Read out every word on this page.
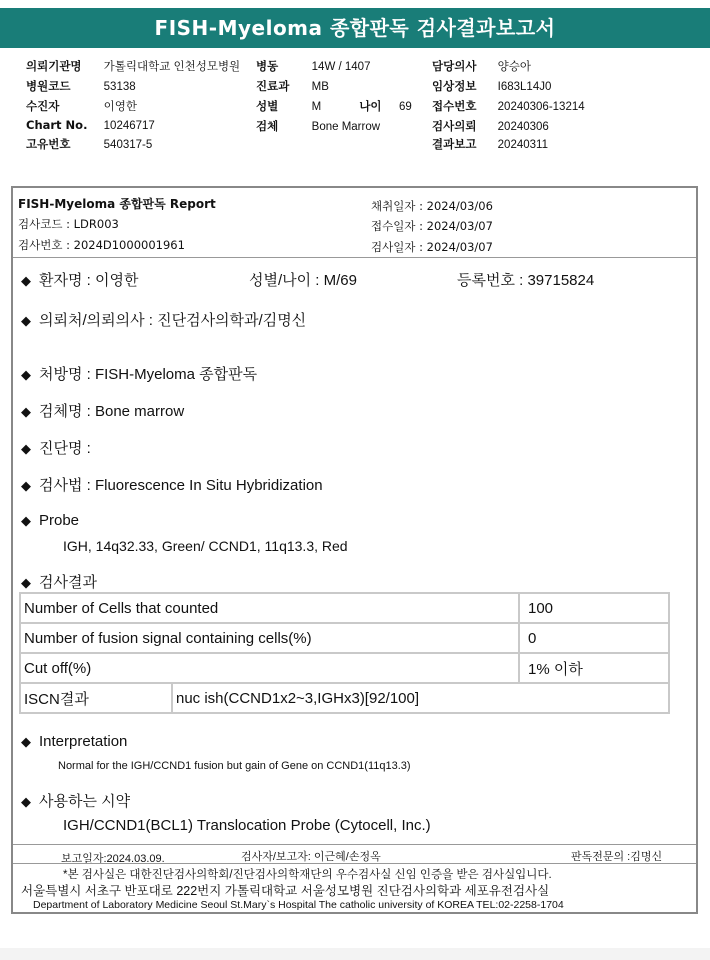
FISH-Myeloma 종합판독 검사결과보고서
의뢰기관명 가톨릭대학교 인천성모병원 병동	14W / 1407	담당의사 양승아
병원코드	53138	진료과 MB	임상정보 I683L14J0
수진자	이영한	성별	M	나이 69 접수번호 20240306-13214
Chart No. 10246717	검체	Bone Marrow	검사의뢰 20240306
고유번호	540317-5	결과보고 20240311
FISH-Myeloma 종합판독 Report
검사코드 : LDR003
검사번호 : 2024D1000001961
채취일자 : 2024/03/06
접수일자 : 2024/03/07
검사일자 : 2024/03/07
◆ 환자명 : 이영한	성별/나이 : M/69	등록번호 : 39715824
◆ 의뢰처/의뢰의사 : 진단검사의학과/김명신
◆ 처방명 : FISH-Myeloma 종합판독
◆ 검체명 : Bone marrow
◆ 진단명 :
◆ 검사법 : Fluorescence In Situ Hybridization
◆ Probe
IGH, 14q32.33, Green/ CCND1, 11q13.3, Red
◆ 검사결과
Number of Cells that counted		100
Number of fusion signal containing cells(%)		0
Cut off(%)		1% 이하
ISCN결과	nuc ish(CCND1x2~3,IGHx3)[92/100]	
◆ Interpretation
Normal for the IGH/CCND1 fusion but gain of Gene on CCND1(11q13.3)
◆ 사용하는 시약
IGH/CCND1(BCL1) Translocation Probe (Cytocell, Inc.)
보고일자:2024.03.09.	검사자/보고자: 이근혜/손정옥	판독전문의 :김명신
*본 검사실은 대한진단검사의학회/진단검사의학재단의 우수검사실 신임 인증을 받은 검사실입니다.
서울특별시 서초구 반포대로 222번지 가톨릭대학교 서울성모병원 진단검사의학과 세포유전검사실
Department of Laboratory Medicine Seoul St.Mary`s Hospital The catholic university of KOREA TEL:02-2258-1704
